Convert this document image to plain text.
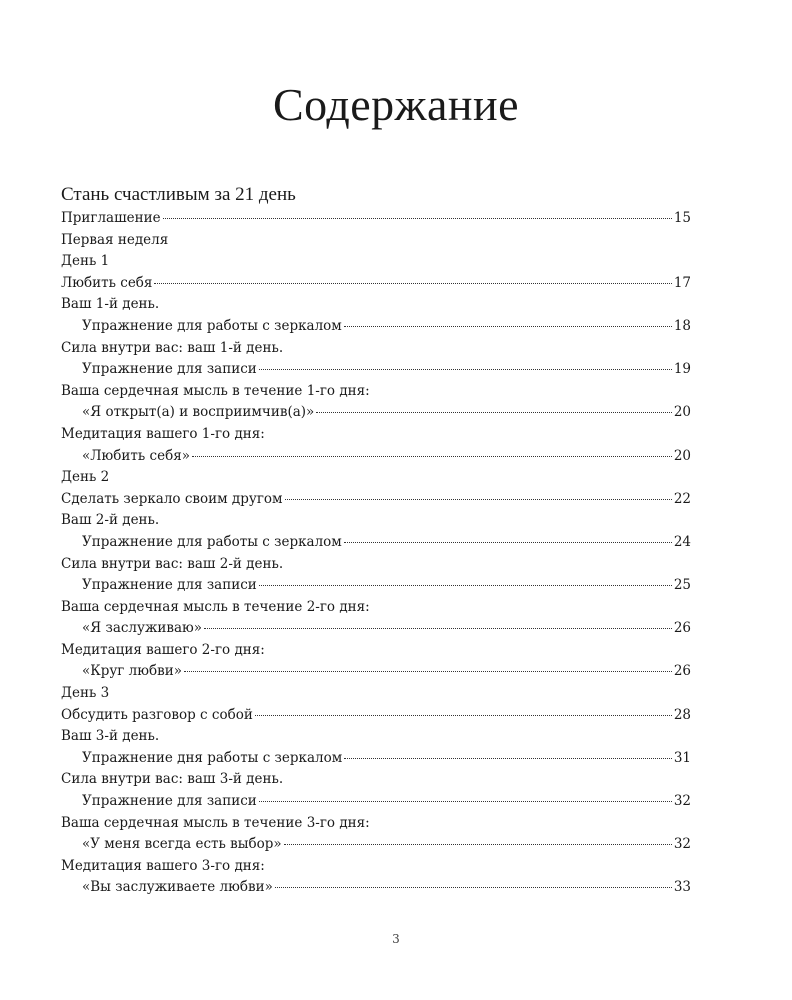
Содержание
Стань счастливым за 21 день
Приглашение	15
Первая неделя
День 1
Любить себя	17
Ваш 1-й день.
Упражнение для работы с зеркалом	18
Сила внутри вас: ваш 1-й день.
Упражнение для записи	19
Ваша сердечная мысль в течение 1-го дня:
«Я открыт(а) и восприимчив(а)»	20
Медитация вашего 1-го дня:
«Любить себя»	20
День 2
Сделать зеркало своим другом	22
Ваш 2-й день.
Упражнение для работы с зеркалом	24
Сила внутри вас: ваш 2-й день.
Упражнение для записи	25
Ваша сердечная мысль в течение 2-го дня:
«Я заслуживаю»	26
Медитация вашего 2-го дня:
«Круг любви»	26
День 3
Обсудить разговор с собой	28
Ваш 3-й день.
Упражнение дня работы с зеркалом	31
Сила внутри вас: ваш 3-й день.
Упражнение для записи	32
Ваша сердечная мысль в течение 3-го дня:
«У меня всегда есть выбор»	32
Медитация вашего 3-го дня:
«Вы заслуживаете любви»	33
3
